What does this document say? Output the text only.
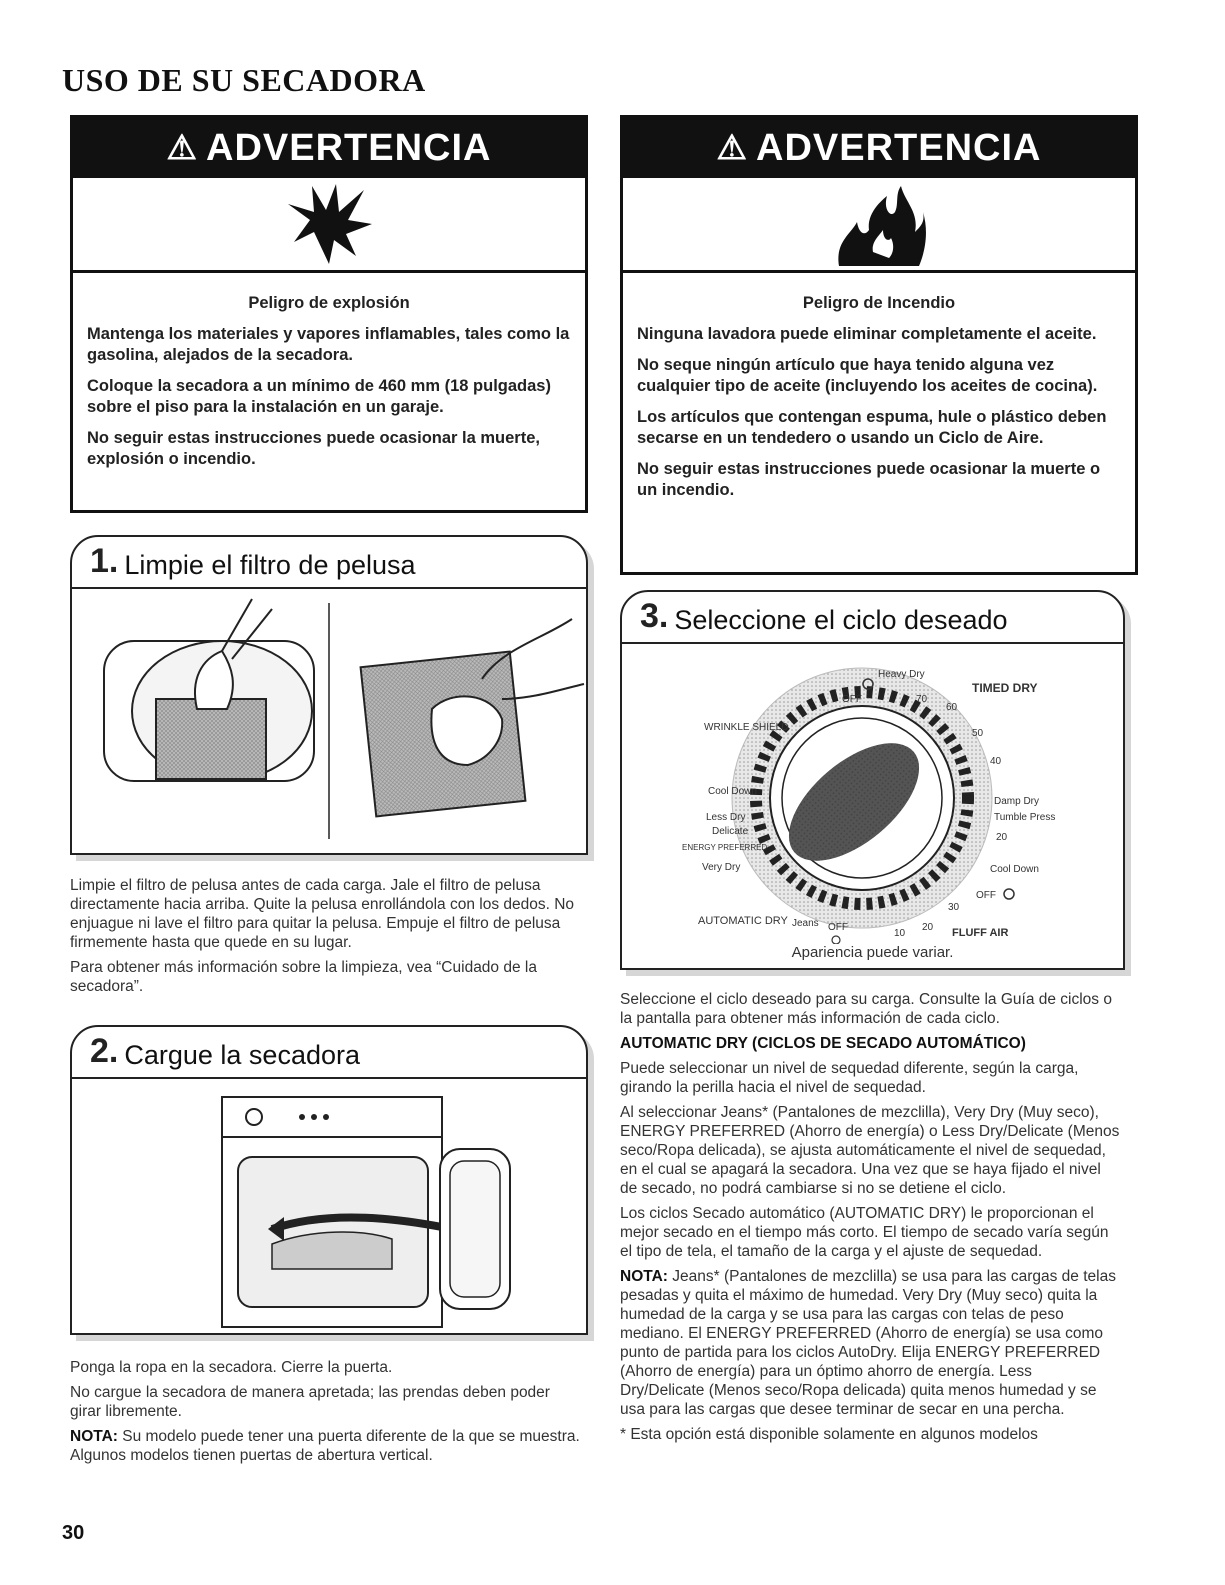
USO DE SU SECADORA
⚠ ADVERTENCIA
Peligro de explosión

Mantenga los materiales y vapores inflamables, tales como la gasolina, alejados de la secadora.

Coloque la secadora a un mínimo de 460 mm (18 pulgadas) sobre el piso para la instalación en un garaje.

No seguir estas instrucciones puede ocasionar la muerte, explosión o incendio.

⚠ ADVERTENCIA
Peligro de Incendio

Ninguna lavadora puede eliminar completamente el aceite.

No seque ningún artículo que haya tenido alguna vez cualquier tipo de aceite (incluyendo los aceites de cocina).

Los artículos que contengan espuma, hule o plástico deben secarse en un tendedero o usando un Ciclo de Aire.

No seguir estas instrucciones puede ocasionar la muerte o un incendio.

1. Limpie el filtro de pelusa

Limpie el filtro de pelusa antes de cada carga. Jale el filtro de pelusa directamente hacia arriba. Quite la pelusa enrollándola con los dedos. No enjuague ni lave el filtro para quitar la pelusa. Empuje el filtro de pelusa firmemente hasta que quede en su lugar.

Para obtener más información sobre la limpieza, vea “Cuidado de la secadora”.

2. Cargue la secadora

Ponga la ropa en la secadora. Cierre la puerta.

No cargue la secadora de manera apretada; las prendas deben poder girar libremente.

NOTA: Su modelo puede tener una puerta diferente de la que se muestra. Algunos modelos tienen puertas de abertura vertical.

3. Seleccione el ciclo deseado
Heavy Dry
OFF	70
60
TIMED DRY
50
40
WRINKLE SHIELD
Damp Dry
Tumble Press
20
Cool Down
Less Dry
Delicate
ENERGY PREFERRED
Very Dry	Cool Down
OFF
30
AUTOMATIC DRY Jeans OFF	20
10	FLUFF AIR
Apariencia puede variar.

Seleccione el ciclo deseado para su carga. Consulte la Guía de ciclos o la pantalla para obtener más información de cada ciclo.

AUTOMATIC DRY (CICLOS DE SECADO AUTOMÁTICO)

Puede seleccionar un nivel de sequedad diferente, según la carga, girando la perilla hacia el nivel de sequedad.

Al seleccionar Jeans* (Pantalones de mezclilla), Very Dry (Muy seco), ENERGY PREFERRED (Ahorro de energía) o Less Dry/Delicate (Menos seco/Ropa delicada), se ajusta automáticamente el nivel de sequedad, en el cual se apagará la secadora. Una vez que se haya fijado el nivel de secado, no podrá cambiarse si no se detiene el ciclo.

Los ciclos Secado automático (AUTOMATIC DRY) le proporcionan el mejor secado en el tiempo más corto. El tiempo de secado varía según el tipo de tela, el tamaño de la carga y el ajuste de sequedad.

NOTA: Jeans* (Pantalones de mezclilla) se usa para las cargas de telas pesadas y quita el máximo de humedad. Very Dry (Muy seco) quita la humedad de la carga y se usa para las cargas con telas de peso mediano. El ENERGY PREFERRED (Ahorro de energía) se usa como punto de partida para los ciclos AutoDry. Elija ENERGY PREFERRED (Ahorro de energía) para un óptimo ahorro de energía. Less Dry/Delicate (Menos seco/Ropa delicada) quita menos humedad y se usa para las cargas que desee terminar de secar en una percha.

* Esta opción está disponible solamente en algunos modelos

30
